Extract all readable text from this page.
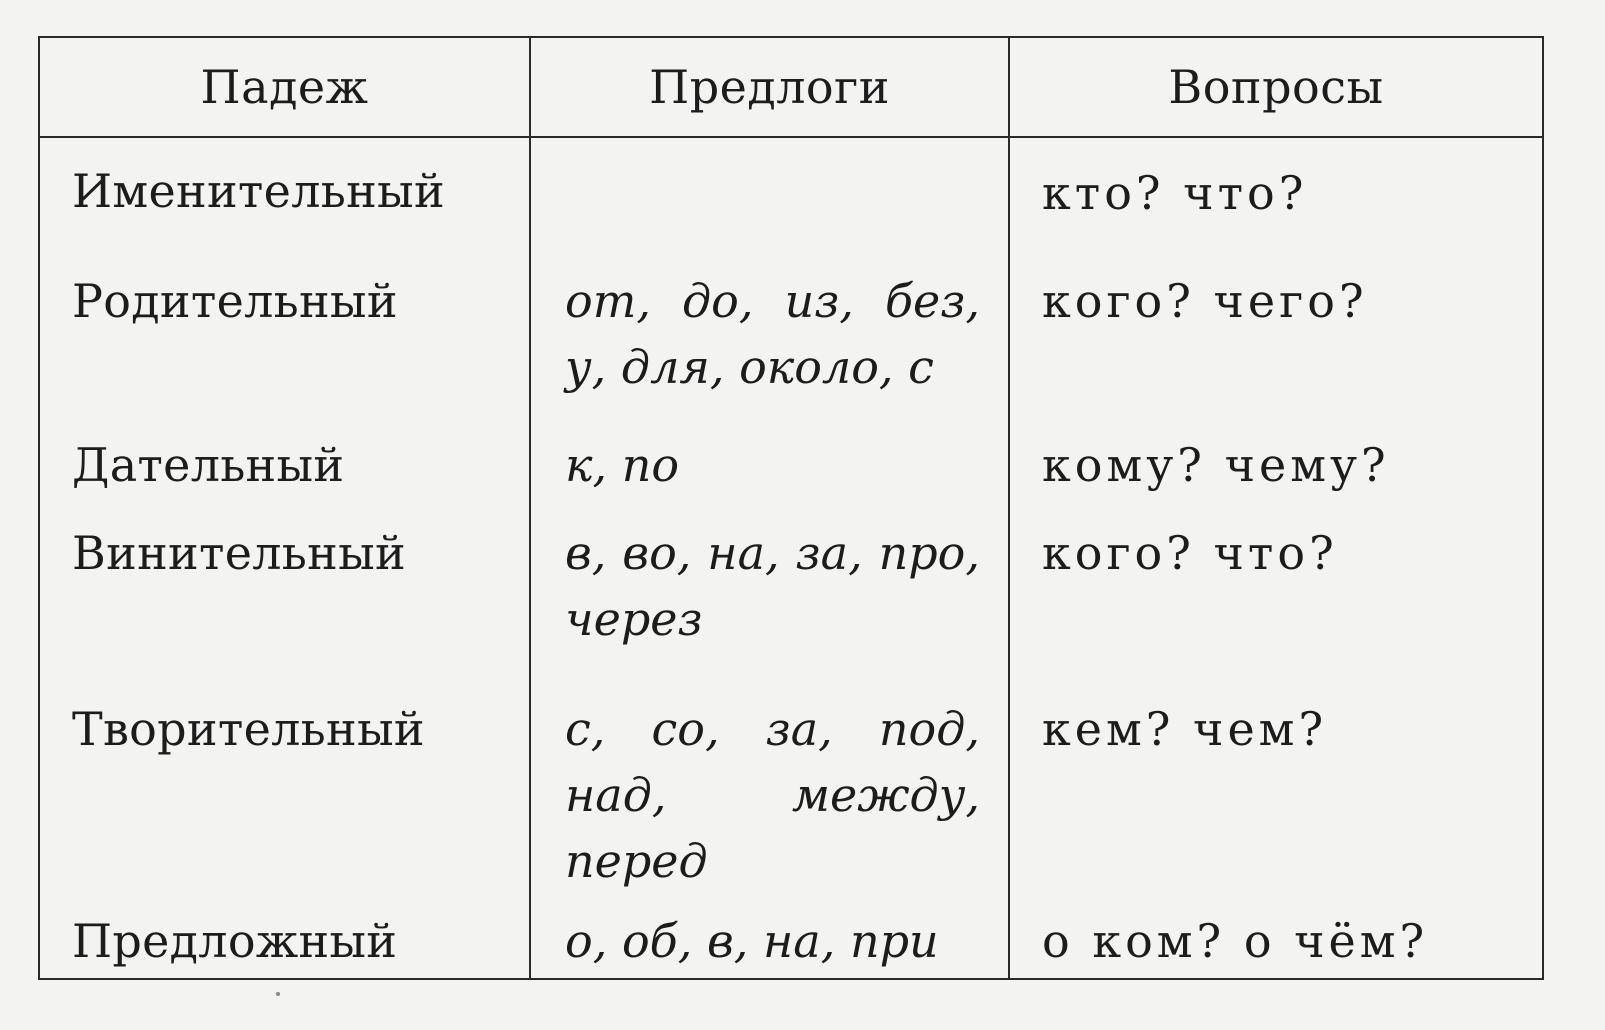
Падеж	Предлоги	Вопросы
Именительный		кто? что?
Родительный	от, до, из, без, у, для, около, с	кого? чего?
Дательный	к, по	кому? чему?
Винительный	в, во, на, за, про, через	кого? что?
Творительный	с, со, за, под, над, между, перед	кем? чем?
Предложный	о, об, в, на, при	о ком? о чём?
